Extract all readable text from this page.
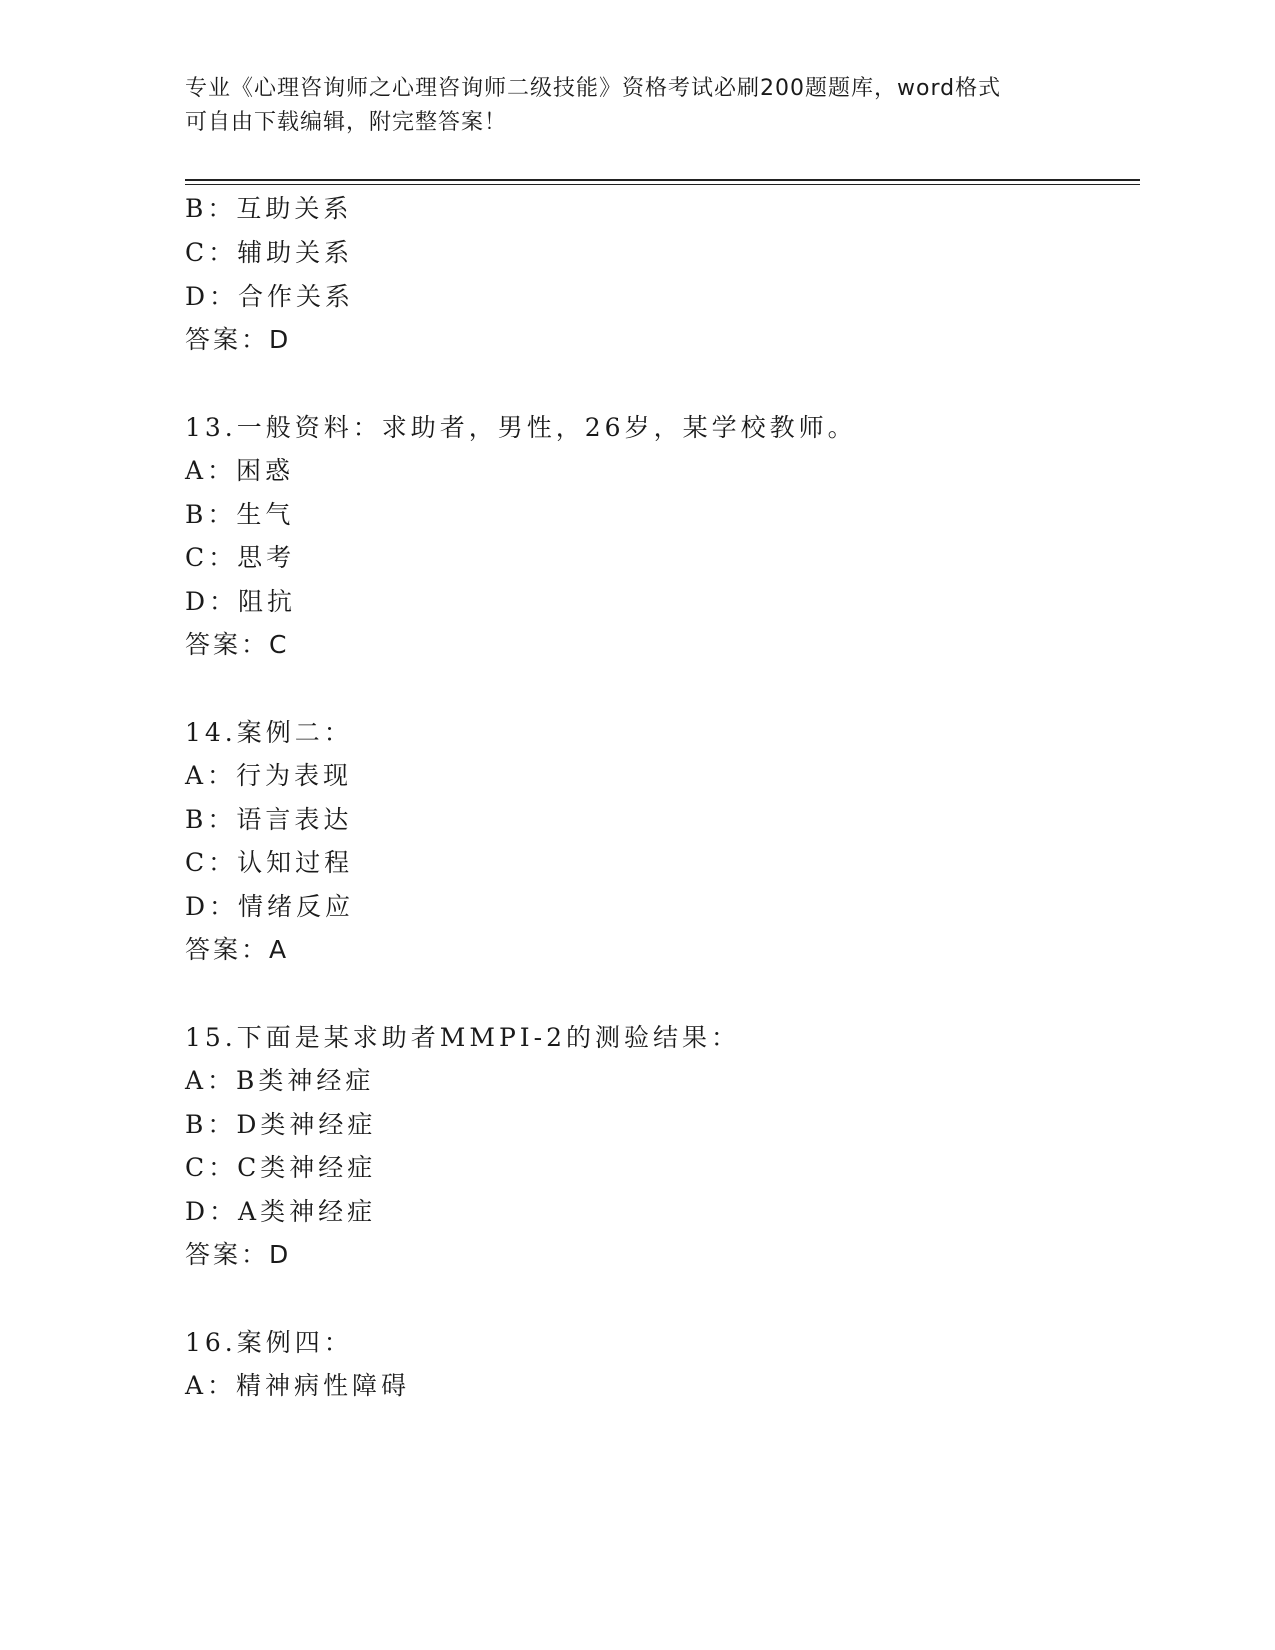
专业《心理咨询师之心理咨询师二级技能》资格考试必刷200题题库，word格式
可自由下载编辑，附完整答案！
B：互助关系
C：辅助关系
D：合作关系
答案：D
13.一般资料：求助者，男性，26岁，某学校教师。
A：困惑
B：生气
C：思考
D：阻抗
答案：C
14.案例二：
A：行为表现
B：语言表达
C：认知过程
D：情绪反应
答案：A
15.下面是某求助者MMPI-2的测验结果：
A：B类神经症
B：D类神经症
C：C类神经症
D：A类神经症
答案：D
16.案例四：
A：精神病性障碍
